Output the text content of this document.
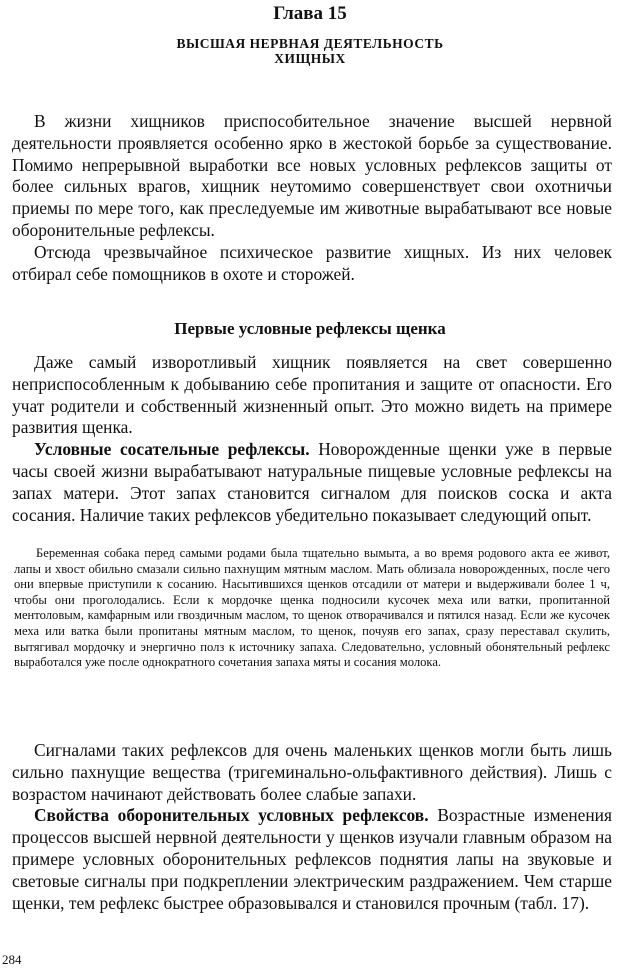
Глава 15
ВЫСШАЯ НЕРВНАЯ ДЕЯТЕЛЬНОСТЬ
ХИЩНЫХ

В жизни хищников приспособительное значение высшей нервной деятельности проявляется особенно ярко в жестокой борьбе за существование. Помимо непрерывной выработки все новых условных рефлексов защиты от более сильных врагов, хищник неутомимо совершенствует свои охотничьи приемы по мере того, как преследуемые им животные вырабатывают все новые оборонительные рефлексы.

Отсюда чрезвычайное психическое развитие хищных. Из них человек отбирал себе помощников в охоте и сторожей.

Первые условные рефлексы щенка

Даже самый изворотливый хищник появляется на свет совершенно неприспособленным к добыванию себе пропитания и защите от опасности. Его учат родители и собственный жизненный опыт. Это можно видеть на примере развития щенка.

Условные сосательные рефлексы. Новорожденные щенки уже в первые часы своей жизни вырабатывают натуральные пищевые условные рефлексы на запах матери. Этот запах становится сигналом для поисков соска и акта сосания. Наличие таких рефлексов убедительно показывает следующий опыт.

Беременная собака перед самыми родами была тщательно вымыта, а во время родового акта ее живот, лапы и хвост обильно смазали сильно пахнущим мятным маслом. Мать облизала новорожденных, после чего они впервые приступили к сосанию. Насытившихся щенков отсадили от матери и выдерживали более 1 ч, чтобы они проголодались. Если к мордочке щенка подносили кусочек меха или ватки, пропитанной ментоловым, камфарным или гвоздичным маслом, то щенок отворачивался и пятился назад. Если же кусочек меха или ватка были пропитаны мятным маслом, то щенок, почуяв его запах, сразу переставал скулить, вытягивал мордочку и энергично полз к источнику запаха. Следовательно, условный обонятельный рефлекс выработался уже после однократного сочетания запаха мяты и сосания молока.

Сигналами таких рефлексов для очень маленьких щенков могли быть лишь сильно пахнущие вещества (тригеминально-ольфактивного действия). Лишь с возрастом начинают действовать более слабые запахи.

Свойства оборонительных условных рефлексов. Возрастные изменения процессов высшей нервной деятельности у щенков изучали главным образом на примере условных оборонительных рефлексов поднятия лапы на звуковые и световые сигналы при подкреплении электрическим раздражением. Чем старше щенки, тем рефлекс быстрее образовывался и становился прочным (табл. 17).

284
